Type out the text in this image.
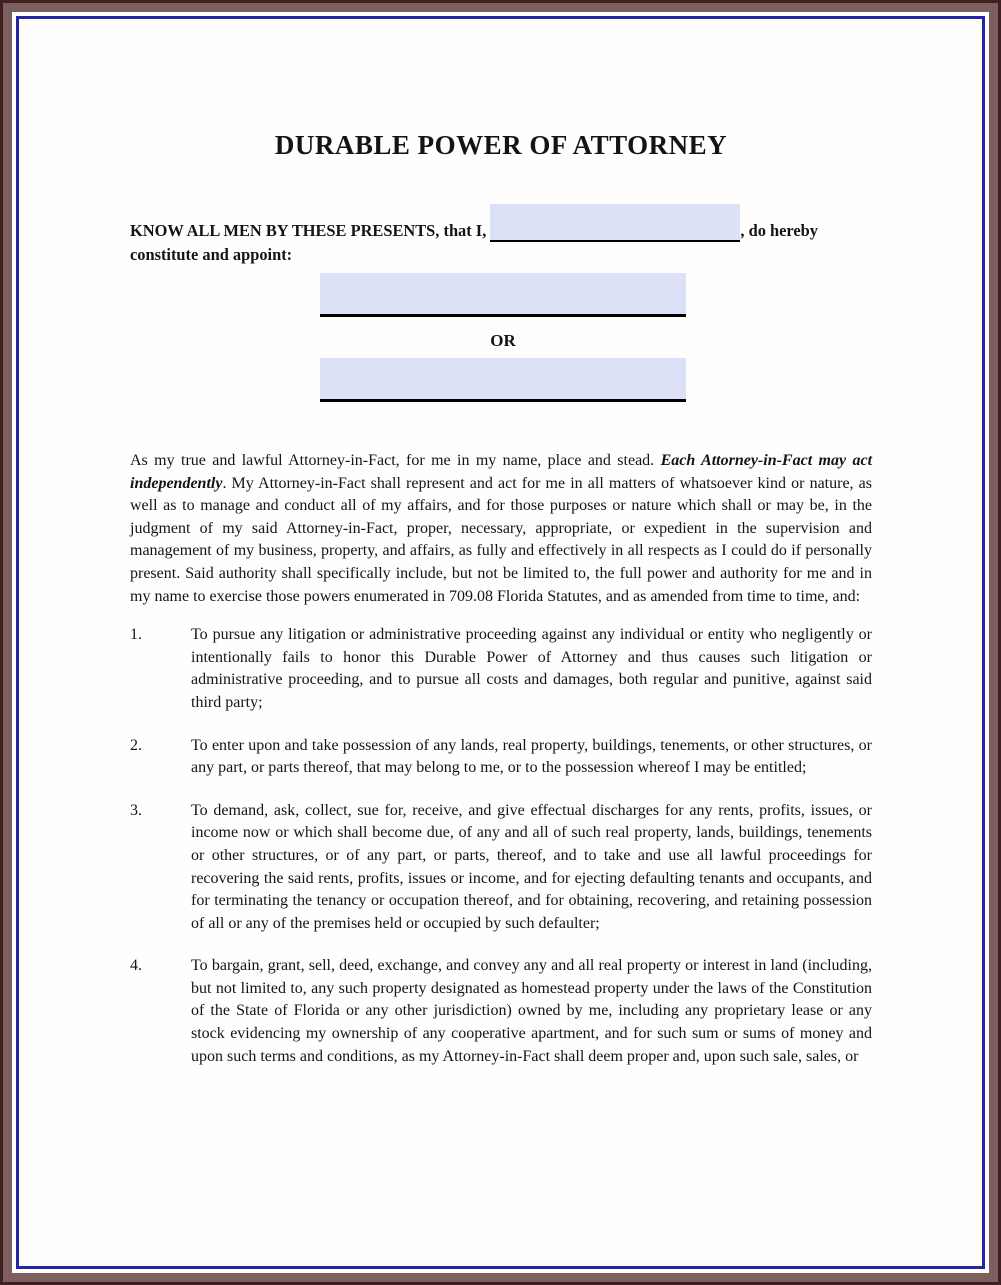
DURABLE POWER OF ATTORNEY

KNOW ALL MEN BY THESE PRESENTS, that I,	, do hereby constitute and appoint:

OR

As my true and lawful Attorney-in-Fact, for me in my name, place and stead. Each Attorney-in-Fact may act independently. My Attorney-in-Fact shall represent and act for me in all matters of whatsoever kind or nature, as well as to manage and conduct all of my affairs, and for those purposes or nature which shall or may be, in the judgment of my said Attorney-in-Fact, proper, necessary, appropriate, or expedient in the supervision and management of my business, property, and affairs, as fully and effectively in all respects as I could do if personally present. Said authority shall specifically include, but not be limited to, the full power and authority for me and in my name to exercise those powers enumerated in 709.08 Florida Statutes, and as amended from time to time, and:

1.	To pursue any litigation or administrative proceeding against any individual or entity who negligently or intentionally fails to honor this Durable Power of Attorney and thus causes such litigation or administrative proceeding, and to pursue all costs and damages, both regular and punitive, against said third party;
2.	To enter upon and take possession of any lands, real property, buildings, tenements, or other structures, or any part, or parts thereof, that may belong to me, or to the possession whereof I may be entitled;
3.	To demand, ask, collect, sue for, receive, and give effectual discharges for any rents, profits, issues, or income now or which shall become due, of any and all of such real property, lands, buildings, tenements or other structures, or of any part, or parts, thereof, and to take and use all lawful proceedings for recovering the said rents, profits, issues or income, and for ejecting defaulting tenants and occupants, and for terminating the tenancy or occupation thereof, and for obtaining, recovering, and retaining possession of all or any of the premises held or occupied by such defaulter;
4.	To bargain, grant, sell, deed, exchange, and convey any and all real property or interest in land (including, but not limited to, any such property designated as homestead property under the laws of the Constitution of the State of Florida or any other jurisdiction) owned by me, including any proprietary lease or any stock evidencing my ownership of any cooperative apartment, and for such sum or sums of money and upon such terms and conditions, as my Attorney-in-Fact shall deem proper and, upon such sale, sales, or
